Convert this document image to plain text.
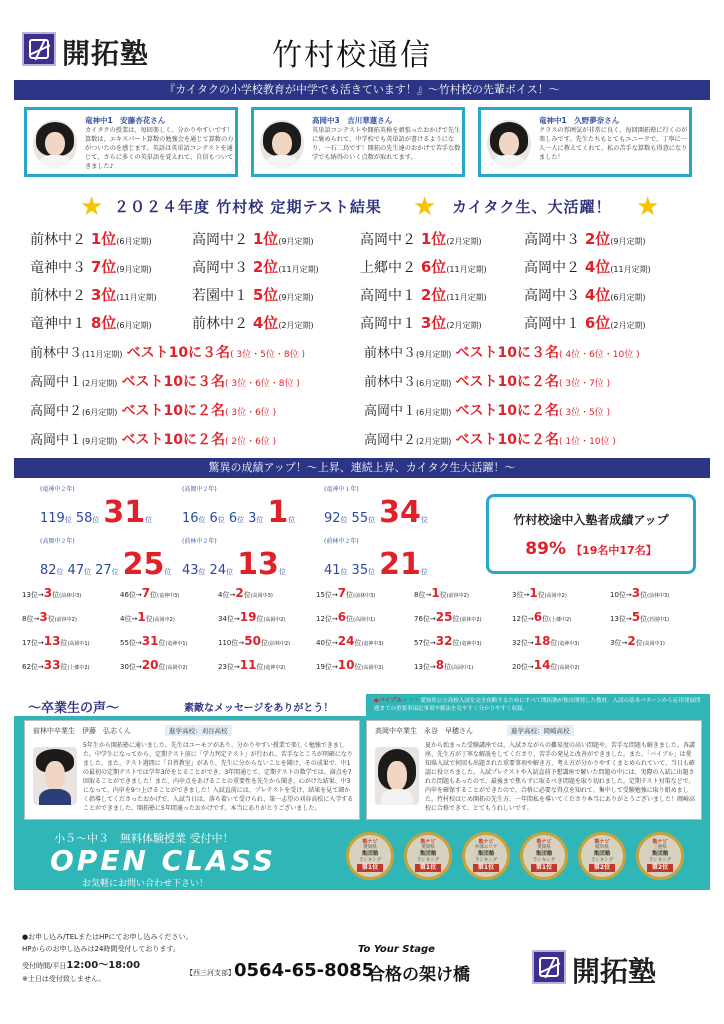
開拓塾	竹村校通信
『カイタクの小学校教育が中学でも活きています！』～竹村校の先輩ボイス！～
竜神中1　安藤杏花さん
カイタクの授業は、毎回楽しく、分かりやすいです！算数は、エキスパート算数の勉強会を通じて算数の力がついたのを感じます。英語は英単語コンテストを通じて、さらに多くの英単語を覚えれて、自信もついてきました♪
高岡中3　吉川華蓮さん
英単語コンテストや開拓英検を頑張ったおかげで先生に褒められて、中学校でも英単語が書けるようになり、一石二鳥です！開拓の先生達のおかげで苦手な数学でも納得のいく点数が取れてます。
竜神中1　久野夢奈さん
クラスの雰囲気が非常に良く、毎回開拓塾に行くのが楽しみです。先生たちもとてもユニークで、丁寧に一人一人に教えてくれて、私の苦手な算数も得意になりました！
★ ２０２４年度 竹村校 定期テスト結果 ★ カイタク生、大活躍！ ★
前林中２ 1位(6月定期)	高岡中２ 1位(9月定期)	高岡中２ 1位(2月定期)	高岡中３ 2位(9月定期)
竜神中３ 7位(9月定期)	高岡中３ 2位(11月定期)	上郷中２ 6位(11月定期)	高岡中２ 4位(11月定期)
前林中２ 3位(11月定期)	若園中１ 5位(9月定期)	高岡中１ 2位(11月定期)	高岡中３ 4位(6月定期)
竜神中１ 8位(6月定期)	前林中２ 4位(2月定期)	高岡中１ 3位(2月定期)	高岡中１ 6位(2月定期)
前林中３(11月定期) ベスト10に３名( 3位・5位・8位 )	前林中３(9月定期) ベスト10に３名( 4位・6位・10位 )
高岡中１(2月定期) ベスト10に３名( 3位・6位・8位 )	前林中３(6月定期) ベスト10に２名( 3位・7位 )
高岡中２(6月定期) ベスト10に２名( 3位・6位 )	高岡中１(6月定期) ベスト10に２名( 3位・5位 )
高岡中１(9月定期) ベスト10に２名( 2位・6位 )	高岡中２(2月定期) ベスト10に２名( 1位・10位 )
驚異の成績アップ！～上昇、連続上昇、カイタク生大活躍！～
(竜神中２年)
119位 58位 31位
(高岡中２年)
16位 6位 6位 3位 1位
(竜神中１年)
92位 55位 34位
(高岡中２年)
82位 47位 27位 25位
(前林中２年)
43位 24位 13位
(前林中２年)
41位 35位 21位
竹村校途中入塾者成績アップ
89% 【19名中17名】
13位→3位(前林中3)	46位→7位(竜神中3)	4位→2位(高岡中3)	15位→7位(前林中3)	8位→1位(前林中2)	3位→1位(高岡中2)	10位→3位(前林中3)
8位→3位(前林中2)	4位→1位(高岡中2)	34位→19位(高岡中2)	12位→6位(高岡中1)	76位→25位(前林中2)	12位→6位(上郷中2)	13位→5位(若園中1)
17位→13位(高岡中1)	55位→31位(竜神中1)	110位→50位(前林中2)	40位→24位(竜神中3)	57位→32位(竜神中3)	32位→18位(竜神中3)	3位→2位(高岡中1)
62位→33位(上郷中2)	30位→20位(高岡中2)	23位→11位(竜神中2)	19位→10位(高岡中2)	13位→8位(高岡中1)	20位→14位(高岡中2)
～卒業生の声～	素敵なメッセージをありがとう！
◆バイブル・・・愛知県公立高校入試を完全攻略するためにすべて開拓塾が独自開発した教材。入試の基本パターンから応用発展問題までの重要事項記事項や解法を見やすく分かりやすく収録。
前林中卒業生　伊藤　弘志くん	進学高校：刈谷高校
5年生から開拓塾に通いました。先生はユーモアがあり、分かりやすい授業で楽しく勉強できました。中学生になってから、定期テスト前に「学力判定テスト」が行われ、苦手なところが明確になりました。また、テスト週間に「自習教室」があり、先生に分からないことを聞け、その成果で、中1の最初の定期テストでは学年3位をとることができ、3年間通じて、定期テストの数学では、満点を7回取ることができました！また、内申点をあげることの重要性を先生から聞き、心がけた結果、中3になって、内申を9つ上げることができました！入試直前には、プレテストを受け、結果を見て細かく指導してくださったおかげで、入試当日は、落ち着いて受けられ、第一志望の刈谷高校に入学することができました。開拓塾に5年間通ったおかげです。本当にありがとうございました。
高岡中卒業生　永谷　早穂さん	進学高校：岡崎高校
夏から始まった受験講座では、入試さながらの難易度の高い問題や、苦手な問題も解きました。各講座、先生方が丁寧な解説をしてくださり、苦手の発見と改善ができました。また、「バイブル」は愛知県入試で何回も出題された重要事項や解き方、考え方が分かりやすくまとめられていて、当日も確認に役立ちました。入試プレテストや入試直前予想講座で解いた問題の中には、実際の入試に出題された問題もあったので、最後まで焦らずに取るべき問題を取り切れました。定期テスト対策などで、内申を確保することができたので、合格に必要な得点を知れて、集中して受験勉強に取り組めました。竹村校はじめ開拓の先生方、一年間私を導いてくださり本当にありがとうございました！岡崎高校に合格できて、とてもうれしいです。
小５～中３　無料体験授業 受付中！
OPEN CLASS
お気軽にお問い合わせ下さい！
塾ナビ
愛知県
集団塾
ランキング
第1位
塾ナビ
愛知県
集団塾
ランキング
第1位
塾ナビ
中部エリア
集団塾
ランキング
第1位
塾ナビ
愛知県
集団塾
ランキング
第1位
塾ナビ
岐阜県
集団塾
ランキング
第2位
塾ナビ
三重県
集団塾
ランキング
第2位
●お申し込み/TELまたはHPにてお申し込みください。
HPからのお申し込みは24時間受付しております。
受付時間/平日12:00～18:00
※土日は受付致しません。
【西三河支部】 0564-65-8085
To Your Stage
合格の架け橋	開拓塾
